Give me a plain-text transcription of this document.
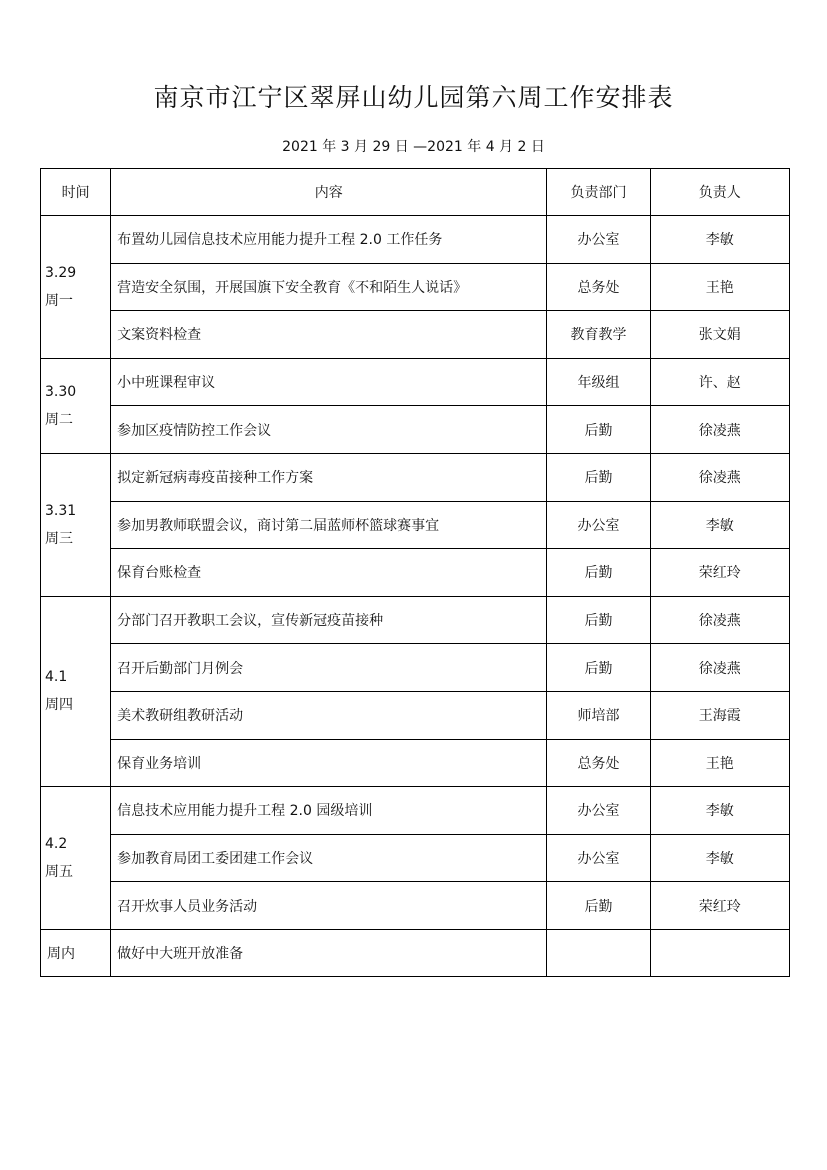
南京市江宁区翠屏山幼儿园第六周工作安排表

2021 年 3 月 29 日 —2021 年 4 月 2 日

时间	内容	负责部门	负责人

3.29
周一	布置幼儿园信息技术应用能力提升工程 2.0 工作任务	办公室	李敏
	营造安全氛围，开展国旗下安全教育《不和陌生人说话》	总务处	王艳
	文案资料检查	教育教学	张文娟

3.30
周二	小中班课程审议	年级组	许、赵
	参加区疫情防控工作会议	后勤	徐凌燕

3.31
周三	拟定新冠病毒疫苗接种工作方案	后勤	徐凌燕
	参加男教师联盟会议，商讨第二届蓝师杯篮球赛事宜	办公室	李敏
	保育台账检查	后勤	荣红玲

4.1
周四	分部门召开教职工会议，宣传新冠疫苗接种	后勤	徐凌燕
	召开后勤部门月例会	后勤	徐凌燕
	美术教研组教研活动	师培部	王海霞
	保育业务培训	总务处	王艳

4.2
周五	信息技术应用能力提升工程 2.0 园级培训	办公室	李敏
	参加教育局团工委团建工作会议	办公室	李敏
	召开炊事人员业务活动	后勤	荣红玲
周内	做好中大班开放准备		
